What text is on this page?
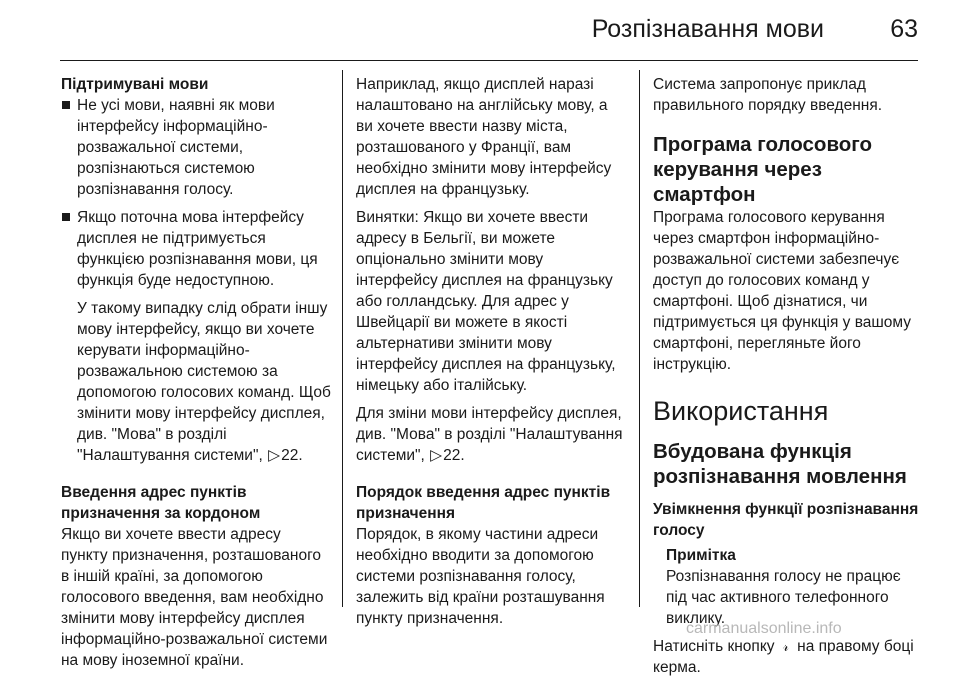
Розпізнавання мови	63
Підтримувані мови
Не усі мови, наявні як мови інтерфейсу інформаційно-розважальної системи, розпізнаються системою розпізнавання голосу.
Якщо поточна мова інтерфейсу дисплея не підтримується функцією розпізнавання мови, ця функція буде недоступною.
У такому випадку слід обрати іншу мову інтерфейсу, якщо ви хочете керувати інформаційно-розважальною системою за допомогою голосових команд. Щоб змінити мову інтерфейсу дисплея, див. "Мова" в розділі "Налаштування системи", ▷22.
Введення адрес пунктів призначення за кордоном
Якщо ви хочете ввести адресу пункту призначення, розташованого в іншій країні, за допомогою голосового введення, вам необхідно змінити мову інтерфейсу дисплея інформаційно-розважальної системи на мову іноземної країни.
Наприклад, якщо дисплей наразі налаштовано на англійську мову, а ви хочете ввести назву міста, розташованого у Франції, вам необхідно змінити мову інтерфейсу дисплея на французьку.
Винятки: Якщо ви хочете ввести адресу в Бельгії, ви можете опціонально змінити мову інтерфейсу дисплея на французьку або голландську. Для адрес у Швейцарії ви можете в якості альтернативи змінити мову інтерфейсу дисплея на французьку, німецьку або італійську.
Для зміни мови інтерфейсу дисплея, див. "Мова" в розділі "Налаштування системи", ▷22.
Порядок введення адрес пунктів призначення
Порядок, в якому частини адреси необхідно вводити за допомогою системи розпізнавання голосу, залежить від країни розташування пункту призначення.
Система запропонує приклад правильного порядку введення.
Програма голосового керування через смартфон
Програма голосового керування через смартфон інформаційно-розважальної системи забезпечує доступ до голосових команд у смартфоні. Щоб дізнатися, чи підтримується ця функція у вашому смартфоні, перегляньте його інструкцію.
Використання
Вбудована функція розпізнавання мовлення
Увімкнення функції розпізнавання голосу
Примітка
Розпізнавання голосу не працює під час активного телефонного виклику.
Натисніть кнопку 𝓇 на правому боці керма.
carmanualsonline.info
